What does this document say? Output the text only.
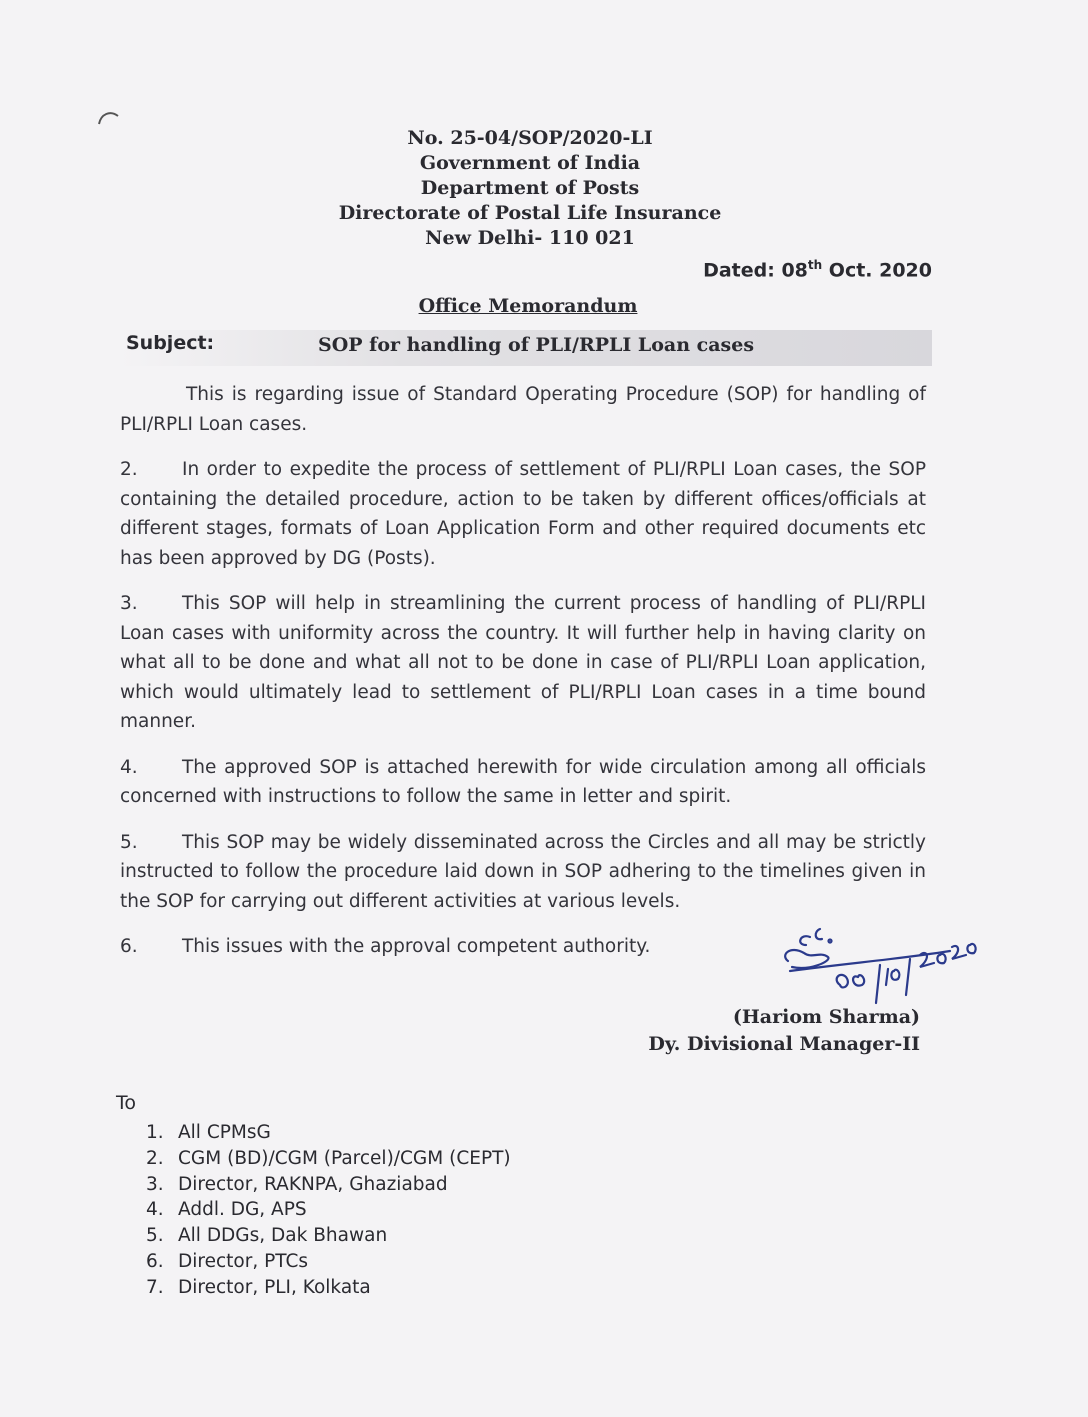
No. 25-04/SOP/2020-LI
Government of India
Department of Posts
Directorate of Postal Life Insurance
New Delhi- 110 021
Dated: 08th Oct. 2020
Office Memorandum
Subject:	SOP for handling of PLI/RPLI Loan cases

This is regarding issue of Standard Operating Procedure (SOP) for handling of PLI/RPLI Loan cases.

2. In order to expedite the process of settlement of PLI/RPLI Loan cases, the SOP containing the detailed procedure, action to be taken by different offices/officials at different stages, formats of Loan Application Form and other required documents etc has been approved by DG (Posts).

3. This SOP will help in streamlining the current process of handling of PLI/RPLI Loan cases with uniformity across the country. It will further help in having clarity on what all to be done and what all not to be done in case of PLI/RPLI Loan application, which would ultimately lead to settlement of PLI/RPLI Loan cases in a time bound manner.

4. The approved SOP is attached herewith for wide circulation among all officials concerned with instructions to follow the same in letter and spirit.

5. This SOP may be widely disseminated across the Circles and all may be strictly instructed to follow the procedure laid down in SOP adhering to the timelines given in the SOP for carrying out different activities at various levels.

6. This issues with the approval competent authority.

(Hariom Sharma)
Dy. Divisional Manager-II
To
1. All CPMsG
2. CGM (BD)/CGM (Parcel)/CGM (CEPT)
3. Director, RAKNPA, Ghaziabad
4. Addl. DG, APS
5. All DDGs, Dak Bhawan
6. Director, PTCs
7. Director, PLI, Kolkata
